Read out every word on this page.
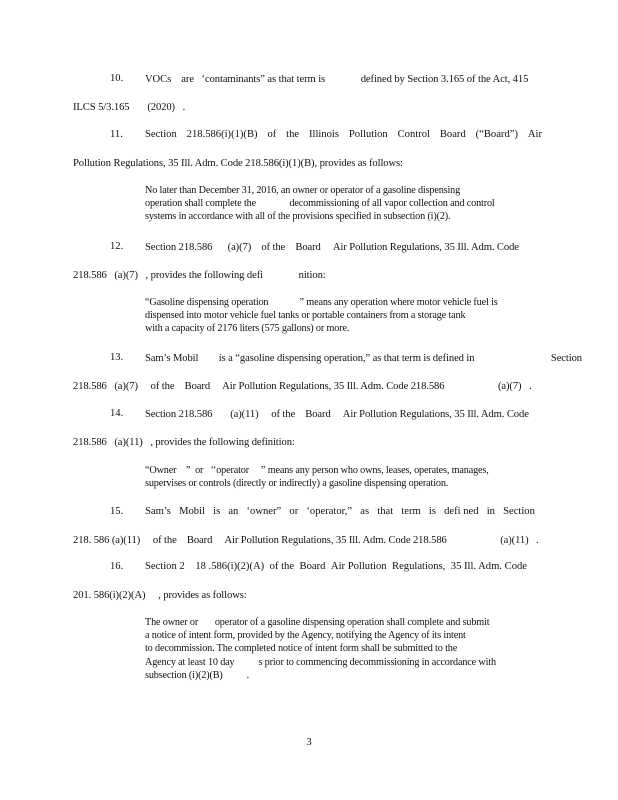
10. VOCs    are   ‘contaminants” as that term is              defined by Section 3.165 of the Act, 415
ILCS 5/3.165       (2020)   .
11. Section 218.586(i)(1)(B) of the Illinois Pollution Control Board (“Board”) Air
Pollution Regulations, 35 Ill. Adm. Code 218.586(i)(1)(B), provides as follows:
No later than December 31, 2016, an owner or operator of a gasoline dispensing
operation shall complete the              decommissioning of all vapor collection and control
systems in accordance with all of the provisions specified in subsection (i)(2).
12. Section 218.586      (a)(7)    of the    Board     Air Pollution Regulations, 35 Ill. Adm. Code
218.586   (a)(7)   , provides the following defi              nition:
“Gasoline dispensing operation             ” means any operation where motor vehicle fuel is
dispensed into motor vehicle fuel tanks or portable containers from a storage tank
with a capacity of 2176 liters (575 gallons) or more.
13. Sam’s Mobil        is a “gasoline dispensing operation,” as that term is defined in                              Section
218.586   (a)(7)     of the    Board     Air Pollution Regulations, 35 Ill. Adm. Code 218.586                     (a)(7)   .
14. Section 218.586       (a)(11)     of the    Board     Air Pollution Regulations, 35 Ill. Adm. Code
218.586   (a)(11)   , provides the following definition:
“Owner    ”  or   ‘‘operator     ” means any person who owns, leases, operates, manages,
supervises or controls (directly or indirectly) a gasoline dispensing operation.
15. Sam’s Mobil is an ‘owner” or ‘operator,” as that term is defi ned in Section
218. 586 (a)(11)     of the    Board     Air Pollution Regulations, 35 Ill. Adm. Code 218.586                     (a)(11)   .
16. Section 2    18 .586(i)(2)(A) of the Board Air Pollution Regulations, 35 Ill. Adm. Code
201. 586(i)(2)(A)     , provides as follows:
The owner or       operator of a gasoline dispensing operation shall complete and submit
a notice of intent form, provided by the Agency, notifying the Agency of its intent
to decommission. The completed notice of intent form shall be submitted to the
Agency at least 10 day          s prior to commencing decommissioning in accordance with
subsection (i)(2)(B)          .
3
